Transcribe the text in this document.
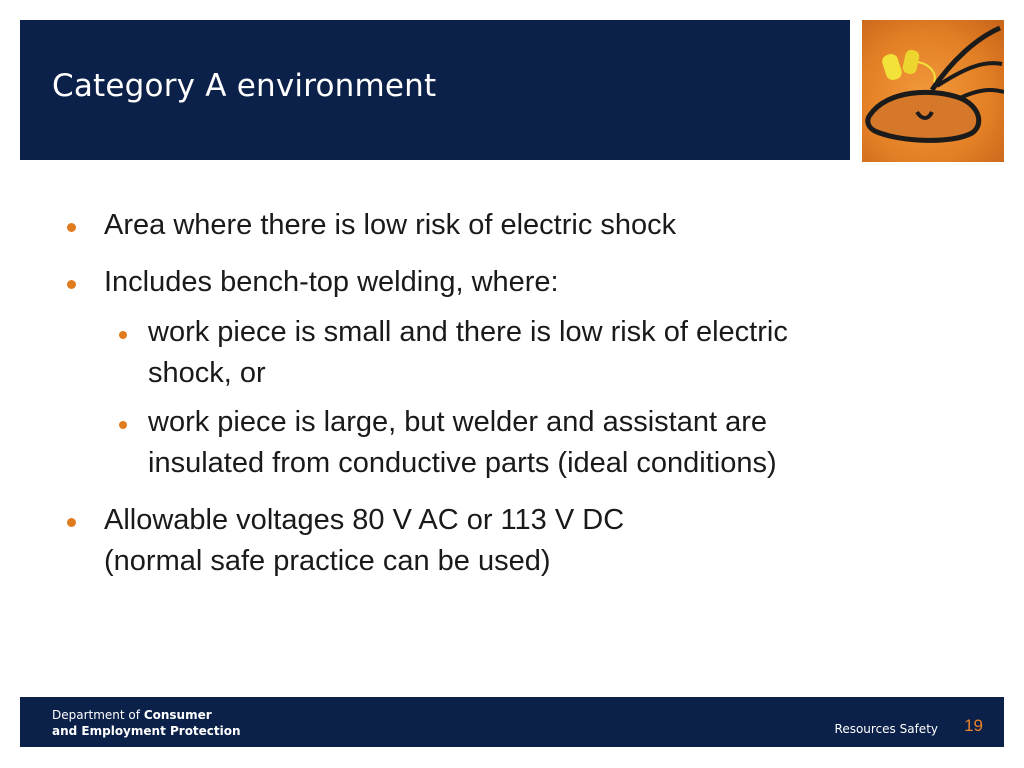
Category A environment
Area where there is low risk of electric shock
Includes bench-top welding, where:
work piece is small and there is low risk of electric
shock, or
work piece is large, but welder and assistant are
insulated from conductive parts (ideal conditions)
Allowable voltages 80 V AC or 113 V DC
(normal safe practice can be used)
Department of Consumer
and Employment Protection	Resources Safety 19
